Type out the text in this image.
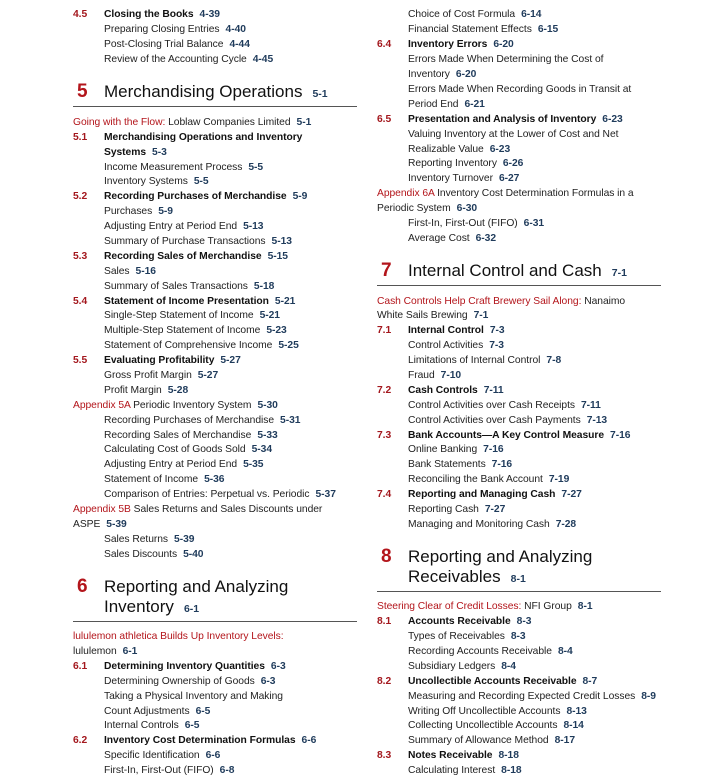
4.5 Closing the Books 4-39
Preparing Closing Entries 4-40
Post-Closing Trial Balance 4-44
Review of the Accounting Cycle 4-45
5 Merchandising Operations 5-1
Going with the Flow: Loblaw Companies Limited 5-1
5.1 Merchandising Operations and Inventory
Systems 5-3
Income Measurement Process 5-5
Inventory Systems 5-5
5.2 Recording Purchases of Merchandise 5-9
Purchases 5-9
Adjusting Entry at Period End 5-13
Summary of Purchase Transactions 5-13
5.3 Recording Sales of Merchandise 5-15
Sales 5-16
Summary of Sales Transactions 5-18
5.4 Statement of Income Presentation 5-21
Single-Step Statement of Income 5-21
Multiple-Step Statement of Income 5-23
Statement of Comprehensive Income 5-25
5.5 Evaluating Profitability 5-27
Gross Profit Margin 5-27
Profit Margin 5-28
Appendix 5A Periodic Inventory System 5-30
Recording Purchases of Merchandise 5-31
Recording Sales of Merchandise 5-33
Calculating Cost of Goods Sold 5-34
Adjusting Entry at Period End 5-35
Statement of Income 5-36
Comparison of Entries: Perpetual vs. Periodic 5-37
Appendix 5B Sales Returns and Sales Discounts under
ASPE 5-39
Sales Returns 5-39
Sales Discounts 5-40
6 Reporting and Analyzing
Inventory 6-1
lululemon athletica Builds Up Inventory Levels:
lululemon 6-1
6.1 Determining Inventory Quantities 6-3
Determining Ownership of Goods 6-3
Taking a Physical Inventory and Making
Count Adjustments 6-5
Internal Controls 6-5
6.2 Inventory Cost Determination Formulas 6-6
Specific Identification 6-6
First-In, First-Out (FIFO) 6-8
Choice of Cost Formula 6-14
Financial Statement Effects 6-15
6.4 Inventory Errors 6-20
Errors Made When Determining the Cost of
Inventory 6-20
Errors Made When Recording Goods in Transit at
Period End 6-21
6.5 Presentation and Analysis of Inventory 6-23
Valuing Inventory at the Lower of Cost and Net
Realizable Value 6-23
Reporting Inventory 6-26
Inventory Turnover 6-27
Appendix 6A Inventory Cost Determination Formulas in a
Periodic System 6-30
First-In, First-Out (FIFO) 6-31
Average Cost 6-32
7 Internal Control and Cash 7-1
Cash Controls Help Craft Brewery Sail Along: Nanaimo
White Sails Brewing 7-1
7.1 Internal Control 7-3
Control Activities 7-3
Limitations of Internal Control 7-8
Fraud 7-10
7.2 Cash Controls 7-11
Control Activities over Cash Receipts 7-11
Control Activities over Cash Payments 7-13
7.3 Bank Accounts—A Key Control Measure 7-16
Online Banking 7-16
Bank Statements 7-16
Reconciling the Bank Account 7-19
7.4 Reporting and Managing Cash 7-27
Reporting Cash 7-27
Managing and Monitoring Cash 7-28
8 Reporting and Analyzing
Receivables 8-1
Steering Clear of Credit Losses: NFI Group 8-1
8.1 Accounts Receivable 8-3
Types of Receivables 8-3
Recording Accounts Receivable 8-4
Subsidiary Ledgers 8-4
8.2 Uncollectible Accounts Receivable 8-7
Measuring and Recording Expected Credit Losses 8-9
Writing Off Uncollectible Accounts 8-13
Collecting Uncollectible Accounts 8-14
Summary of Allowance Method 8-17
8.3 Notes Receivable 8-18
Calculating Interest 8-18
